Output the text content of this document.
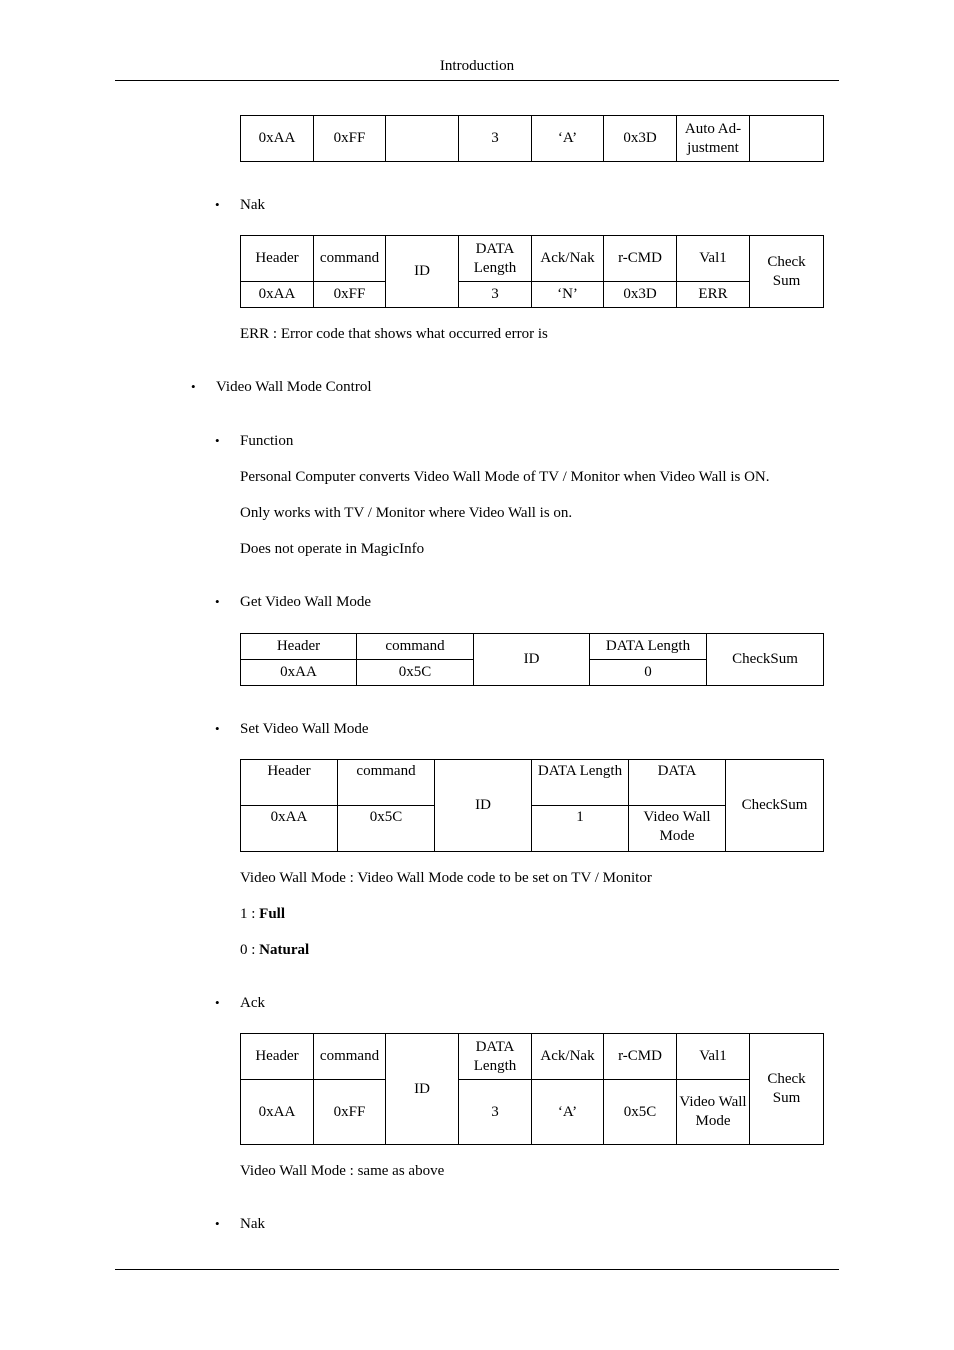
Introduction
0xAA	0xFF		3	‘A’	0x3D	Auto Ad-justment	
• Nak
Header	command	ID	DATA Length	Ack/Nak	r-CMD	Val1	Check Sum
0xAA	0xFF		3	‘N’	0x3D	ERR	
ERR : Error code that shows what occurred error is
• Video Wall Mode Control
• Function
Personal Computer converts Video Wall Mode of TV / Monitor when Video Wall is ON.
Only works with TV / Monitor where Video Wall is on.
Does not operate in MagicInfo
• Get Video Wall Mode
Header	command	ID	DATA Length	CheckSum
0xAA	0x5C		0	
• Set Video Wall Mode
Header	command	ID	DATA Length	DATA	CheckSum
0xAA	0x5C		1	Video Wall Mode	
Video Wall Mode : Video Wall Mode code to be set on TV / Monitor
1 : Full
0 : Natural
• Ack
Header	command	ID	DATA Length	Ack/Nak	r-CMD	Val1	Check Sum
0xAA	0xFF		3	‘A’	0x5C	Video Wall Mode	
Video Wall Mode : same as above
• Nak
